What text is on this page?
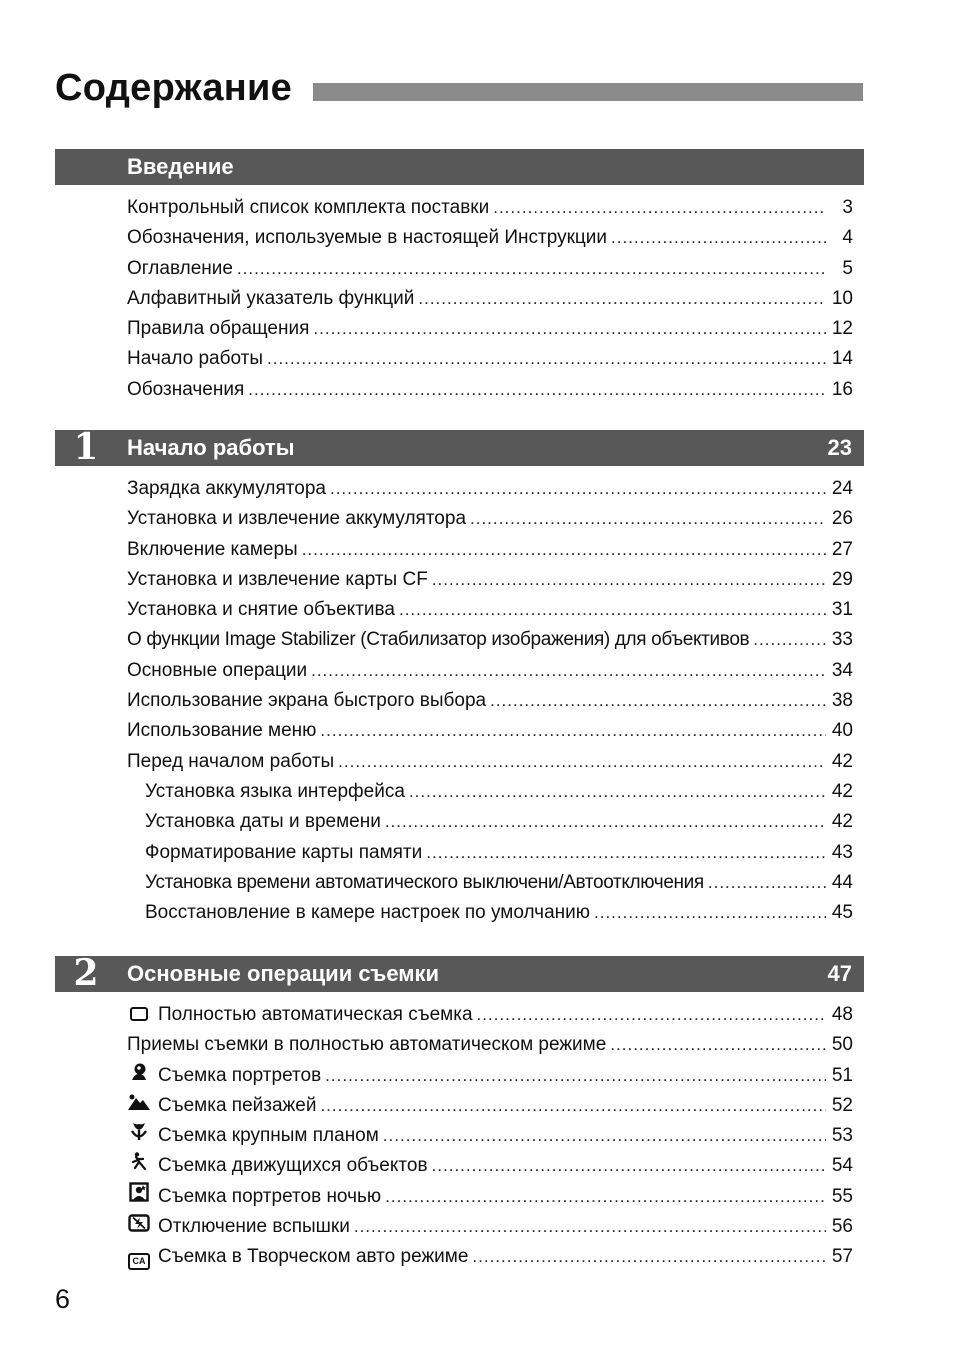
Содержание
Введение
Контрольный список комплекта поставки .....	3
Обозначения, используемые в настоящей Инструкции .....	4
Оглавление .....	5
Алфавитный указатель функций .....	10
Правила обращения .....	12
Начало работы .....	14
Обозначения .....	16
1 Начало работы	23
Зарядка аккумулятора .....	24
Установка и извлечение аккумулятора .....	26
Включение камеры .....	27
Установка и извлечение карты CF .....	29
Установка и снятие объектива .....	31
О функции Image Stabilizer (Стабилизатор изображения) для объективов .....	33
Основные операции .....	34
Использование экрана быстрого выбора .....	38
Использование меню .....	40
Перед началом работы .....	42
Установка языка интерфейса .....	42
Установка даты и времени .....	42
Форматирование карты памяти .....	43
Установка времени автоматического выключени/Автоотключения .....	44
Восстановление в камере настроек по умолчанию .....	45
2 Основные операции съемки	47
Полностью автоматическая съемка .....	48
Приемы съемки в полностью автоматическом режиме .....	50
Съемка портретов .....	51
Съемка пейзажей .....	52
Съемка крупным планом .....	53
Съемка движущихся объектов .....	54
Съемка портретов ночью .....	55
Отключение вспышки .....	56
CA Съемка в Творческом авто режиме .....	57
6
